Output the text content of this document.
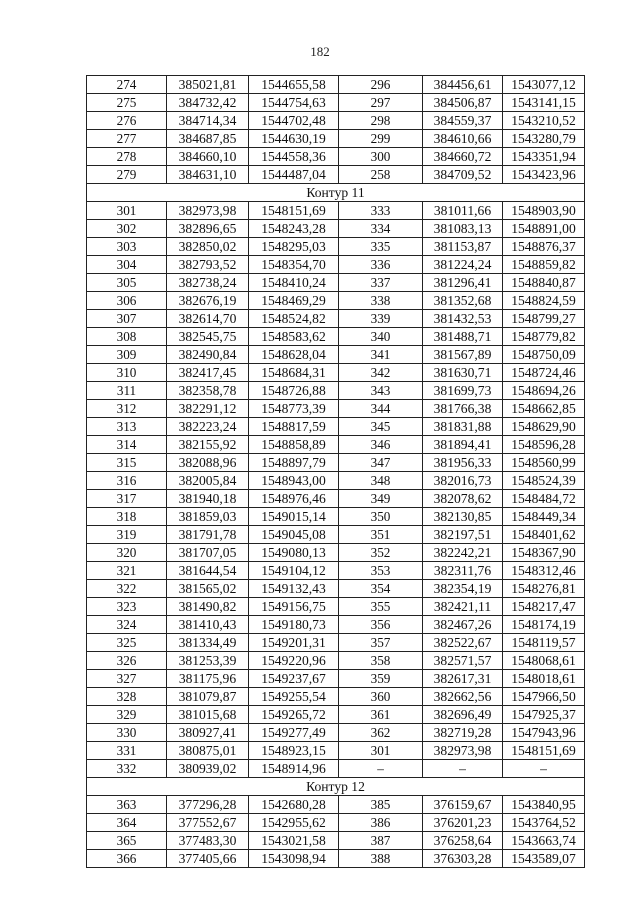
182
274	385021,81	1544655,58	296	384456,61	1543077,12
275	384732,42	1544754,63	297	384506,87	1543141,15
276	384714,34	1544702,48	298	384559,37	1543210,52
277	384687,85	1544630,19	299	384610,66	1543280,79
278	384660,10	1544558,36	300	384660,72	1543351,94
279	384631,10	1544487,04	258	384709,52	1543423,96
Контур 11					
301	382973,98	1548151,69	333	381011,66	1548903,90
302	382896,65	1548243,28	334	381083,13	1548891,00
303	382850,02	1548295,03	335	381153,87	1548876,37
304	382793,52	1548354,70	336	381224,24	1548859,82
305	382738,24	1548410,24	337	381296,41	1548840,87
306	382676,19	1548469,29	338	381352,68	1548824,59
307	382614,70	1548524,82	339	381432,53	1548799,27
308	382545,75	1548583,62	340	381488,71	1548779,82
309	382490,84	1548628,04	341	381567,89	1548750,09
310	382417,45	1548684,31	342	381630,71	1548724,46
311	382358,78	1548726,88	343	381699,73	1548694,26
312	382291,12	1548773,39	344	381766,38	1548662,85
313	382223,24	1548817,59	345	381831,88	1548629,90
314	382155,92	1548858,89	346	381894,41	1548596,28
315	382088,96	1548897,79	347	381956,33	1548560,99
316	382005,84	1548943,00	348	382016,73	1548524,39
317	381940,18	1548976,46	349	382078,62	1548484,72
318	381859,03	1549015,14	350	382130,85	1548449,34
319	381791,78	1549045,08	351	382197,51	1548401,62
320	381707,05	1549080,13	352	382242,21	1548367,90
321	381644,54	1549104,12	353	382311,76	1548312,46
322	381565,02	1549132,43	354	382354,19	1548276,81
323	381490,82	1549156,75	355	382421,11	1548217,47
324	381410,43	1549180,73	356	382467,26	1548174,19
325	381334,49	1549201,31	357	382522,67	1548119,57
326	381253,39	1549220,96	358	382571,57	1548068,61
327	381175,96	1549237,67	359	382617,31	1548018,61
328	381079,87	1549255,54	360	382662,56	1547966,50
329	381015,68	1549265,72	361	382696,49	1547925,37
330	380927,41	1549277,49	362	382719,28	1547943,96
331	380875,01	1548923,15	301	382973,98	1548151,69
332	380939,02	1548914,96	–	–	–
Контур 12					
363	377296,28	1542680,28	385	376159,67	1543840,95
364	377552,67	1542955,62	386	376201,23	1543764,52
365	377483,30	1543021,58	387	376258,64	1543663,74
366	377405,66	1543098,94	388	376303,28	1543589,07
